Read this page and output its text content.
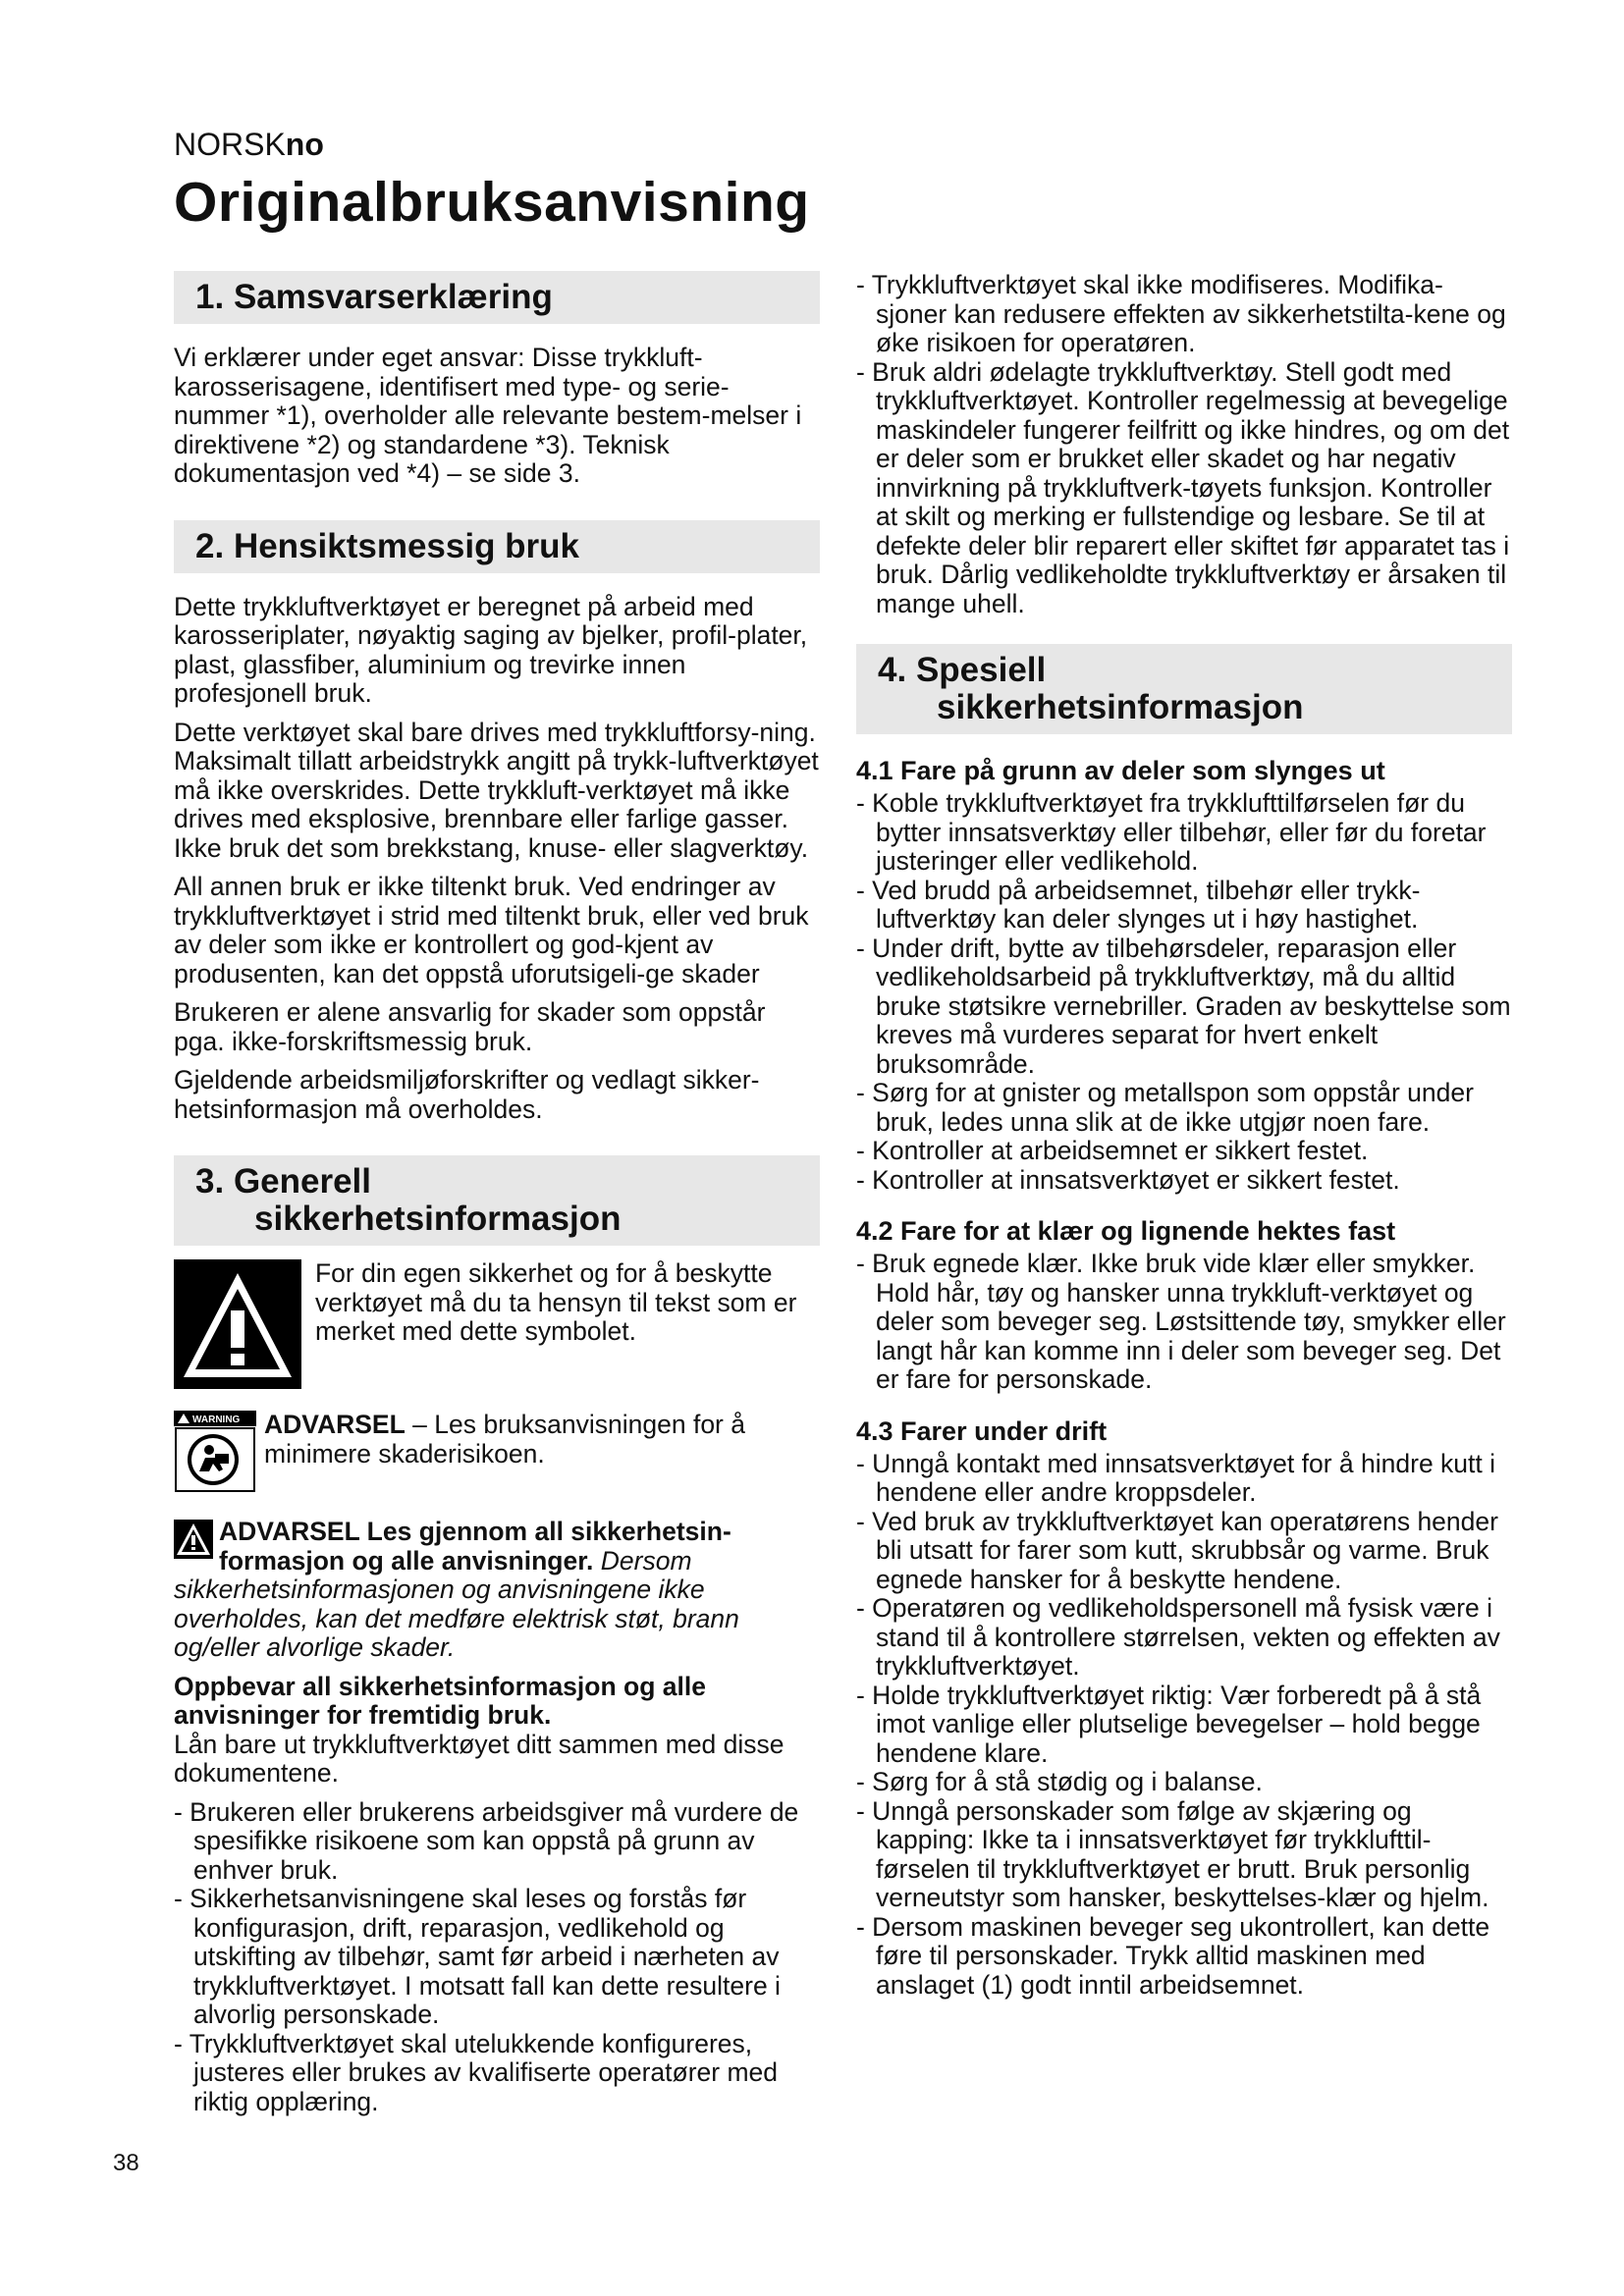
NORSKno
Originalbruksanvisning
1. Samsvarserklæring

Vi erklærer under eget ansvar: Disse trykkluft-karosserisagene, identifisert med type- og serie-nummer *1), overholder alle relevante bestem-melser i direktivene *2) og standardene *3). Teknisk dokumentasjon ved *4) – se side 3.

2. Hensiktsmessig bruk

Dette trykkluftverktøyet er beregnet på arbeid med karosseriplater, nøyaktig saging av bjelker, profil-plater, plast, glassfiber, aluminium og trevirke innen profesjonell bruk.

Dette verktøyet skal bare drives med trykkluftforsy-ning. Maksimalt tillatt arbeidstrykk angitt på trykk-luftverktøyet må ikke overskrides. Dette trykkluft-verktøyet må ikke drives med eksplosive, brennbare eller farlige gasser. Ikke bruk det som brekkstang, knuse- eller slagverktøy.

All annen bruk er ikke tiltenkt bruk. Ved endringer av trykkluftverktøyet i strid med tiltenkt bruk, eller ved bruk av deler som ikke er kontrollert og god-kjent av produsenten, kan det oppstå uforutsigeli-ge skader

Brukeren er alene ansvarlig for skader som oppstår pga. ikke-forskriftsmessig bruk.

Gjeldende arbeidsmiljøforskrifter og vedlagt sikker-hetsinformasjon må overholdes.

3. Generell
sikkerhetsinformasjon

For din egen sikkerhet og for å beskytte verktøyet må du ta hensyn til tekst som er merket med dette symbolet.

WARNING ADVARSEL – Les bruksanvisningen for å minimere skaderisikoen.

ADVARSEL Les gjennom all sikkerhetsin-formasjon og alle anvisninger. Dersom sikkerhetsinformasjonen og anvisningene ikke overholdes, kan det medføre elektrisk støt, brann og/eller alvorlige skader.

Oppbevar all sikkerhetsinformasjon og alle anvisninger for fremtidig bruk.

Lån bare ut trykkluftverktøyet ditt sammen med disse dokumentene.

- Brukeren eller brukerens arbeidsgiver må vurdere de spesifikke risikoene som kan oppstå på grunn av enhver bruk.

- Sikkerhetsanvisningene skal leses og forstås før konfigurasjon, drift, reparasjon, vedlikehold og utskifting av tilbehør, samt før arbeid i nærheten av trykkluftverktøyet. I motsatt fall kan dette resultere i alvorlig personskade.

- Trykkluftverktøyet skal utelukkende konfigureres, justeres eller brukes av kvalifiserte operatører med riktig opplæring.

38

- Trykkluftverktøyet skal ikke modifiseres. Modifika-sjoner kan redusere effekten av sikkerhetstilta-kene og øke risikoen for operatøren.

- Bruk aldri ødelagte trykkluftverktøy. Stell godt med trykkluftverktøyet. Kontroller regelmessig at bevegelige maskindeler fungerer feilfritt og ikke hindres, og om det er deler som er brukket eller skadet og har negativ innvirkning på trykkluftverk-tøyets funksjon. Kontroller at skilt og merking er fullstendige og lesbare. Se til at defekte deler blir reparert eller skiftet før apparatet tas i bruk. Dårlig vedlikeholdte trykkluftverktøy er årsaken til mange uhell.

4. Spesiell
sikkerhetsinformasjon

4.1 Fare på grunn av deler som slynges ut

- Koble trykkluftverktøyet fra trykklufttilførselen før du bytter innsatsverktøy eller tilbehør, eller før du foretar justeringer eller vedlikehold.

- Ved brudd på arbeidsemnet, tilbehør eller trykk-luftverktøy kan deler slynges ut i høy hastighet.

- Under drift, bytte av tilbehørsdeler, reparasjon eller vedlikeholdsarbeid på trykkluftverktøy, må du alltid bruke støtsikre vernebriller. Graden av beskyttelse som kreves må vurderes separat for hvert enkelt bruksområde.

- Sørg for at gnister og metallspon som oppstår under bruk, ledes unna slik at de ikke utgjør noen fare.

- Kontroller at arbeidsemnet er sikkert festet.

- Kontroller at innsatsverktøyet er sikkert festet.

4.2 Fare for at klær og lignende hektes fast

- Bruk egnede klær. Ikke bruk vide klær eller smykker. Hold hår, tøy og hansker unna trykkluft-verktøyet og deler som beveger seg. Løstsittende tøy, smykker eller langt hår kan komme inn i deler som beveger seg. Det er fare for personskade.

4.3 Farer under drift

- Unngå kontakt med innsatsverktøyet for å hindre kutt i hendene eller andre kroppsdeler.

- Ved bruk av trykkluftverktøyet kan operatørens hender bli utsatt for farer som kutt, skrubbsår og varme. Bruk egnede hansker for å beskytte hendene.

- Operatøren og vedlikeholdspersonell må fysisk være i stand til å kontrollere størrelsen, vekten og effekten av trykkluftverktøyet.

- Holde trykkluftverktøyet riktig: Vær forberedt på å stå imot vanlige eller plutselige bevegelser – hold begge hendene klare.

- Sørg for å stå stødig og i balanse.

- Unngå personskader som følge av skjæring og kapping: Ikke ta i innsatsverktøyet før trykklufttil-førselen til trykkluftverktøyet er brutt. Bruk personlig verneutstyr som hansker, beskyttelses-klær og hjelm.

- Dersom maskinen beveger seg ukontrollert, kan dette føre til personskader. Trykk alltid maskinen med anslaget (1) godt inntil arbeidsemnet.
